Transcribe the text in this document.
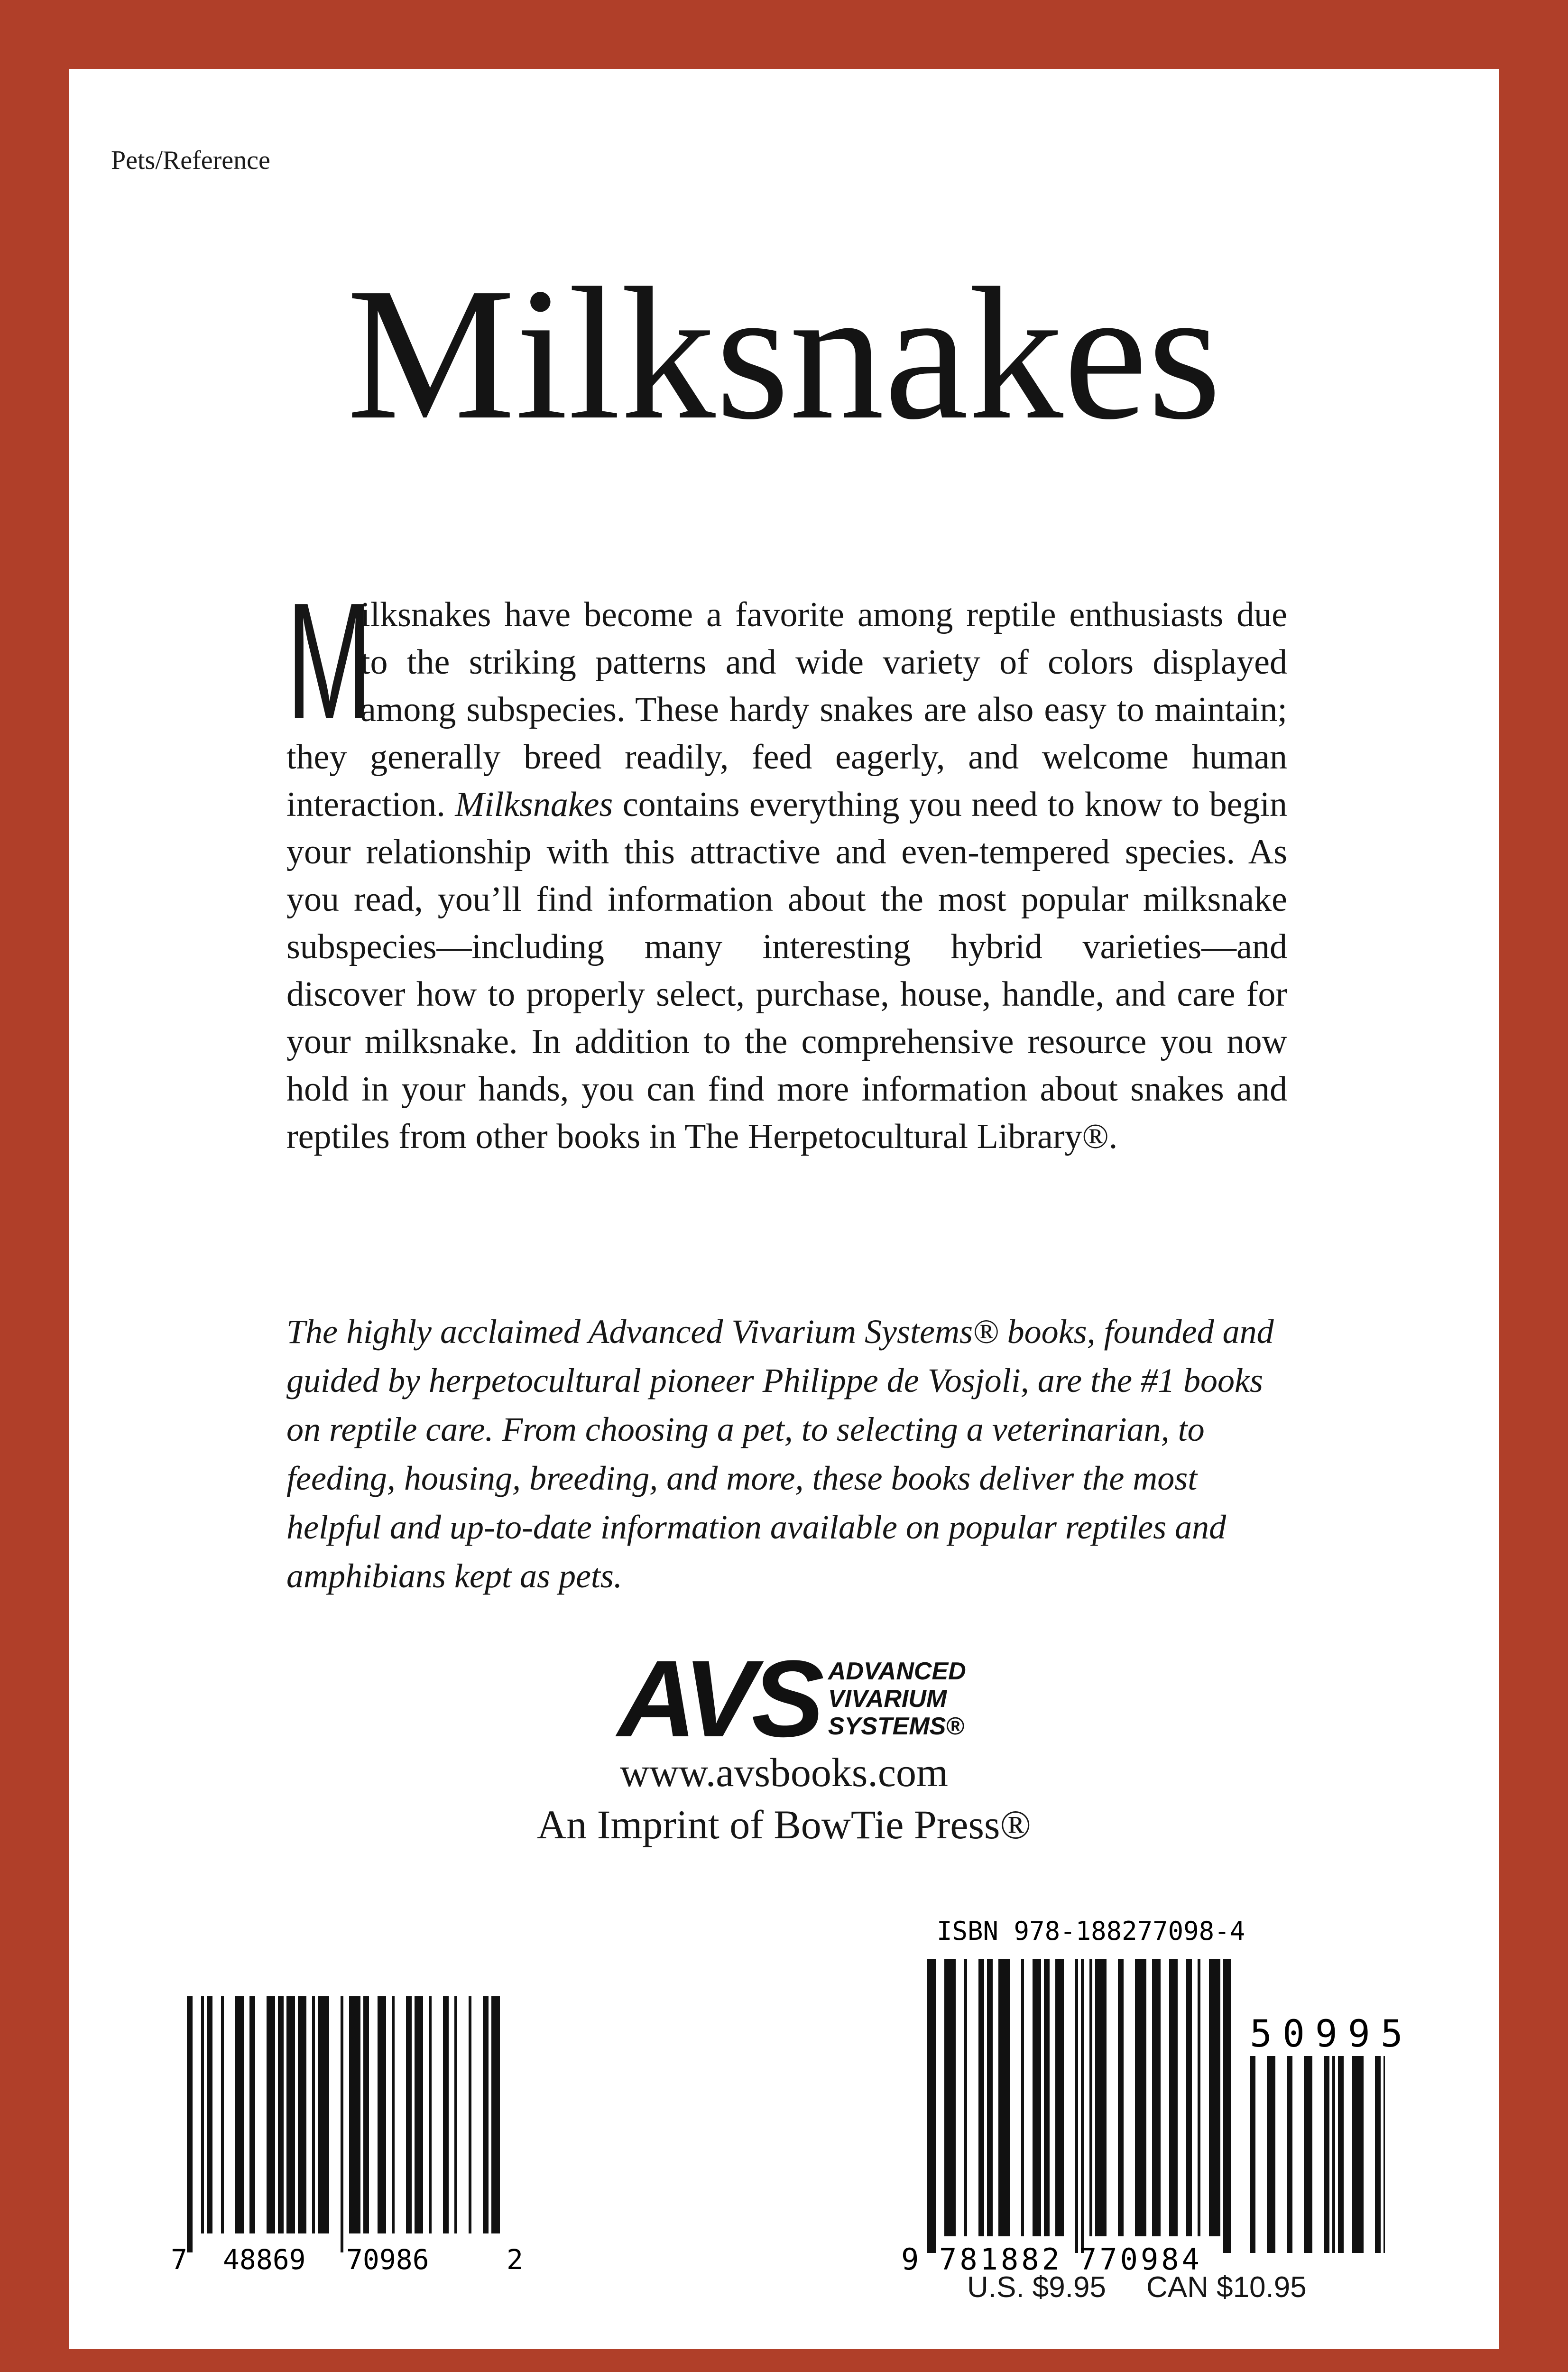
Pets/Reference
Milksnakes
M
ilksnakes have become a favorite among reptile enthusiasts due to the striking patterns and wide variety of colors displayed among subspecies. These hardy snakes are also easy to maintain; they generally breed readily, feed eagerly, and welcome human interaction. Milksnakes contains everything you need to know to begin your relationship with this attractive and even-tempered species. As you read, you’ll find information about the most popular milksnake subspecies—including many interesting hybrid varieties—and discover how to properly select, purchase, house, handle, and care for your milksnake. In addition to the comprehensive resource you now hold in your hands, you can find more information about snakes and reptiles from other books in The Herpetocultural Library®.
The highly acclaimed Advanced Vivarium Systems® books, founded and guided by herpetocultural pioneer Philippe de Vosjoli, are the #1 books on reptile care. From choosing a pet, to selecting a veterinarian, to feeding, housing, breeding, and more, these books deliver the most helpful and up-to-date information available on popular reptiles and amphibians kept as pets.
AVS ADVANCED
VIVARIUM
SYSTEMS®
www.avsbooks.com
An Imprint of BowTie Press®
7 48869 70986	2
ISBN 978-188277098-4
50995
9 781882 770984
U.S. $9.95 CAN $10.95
